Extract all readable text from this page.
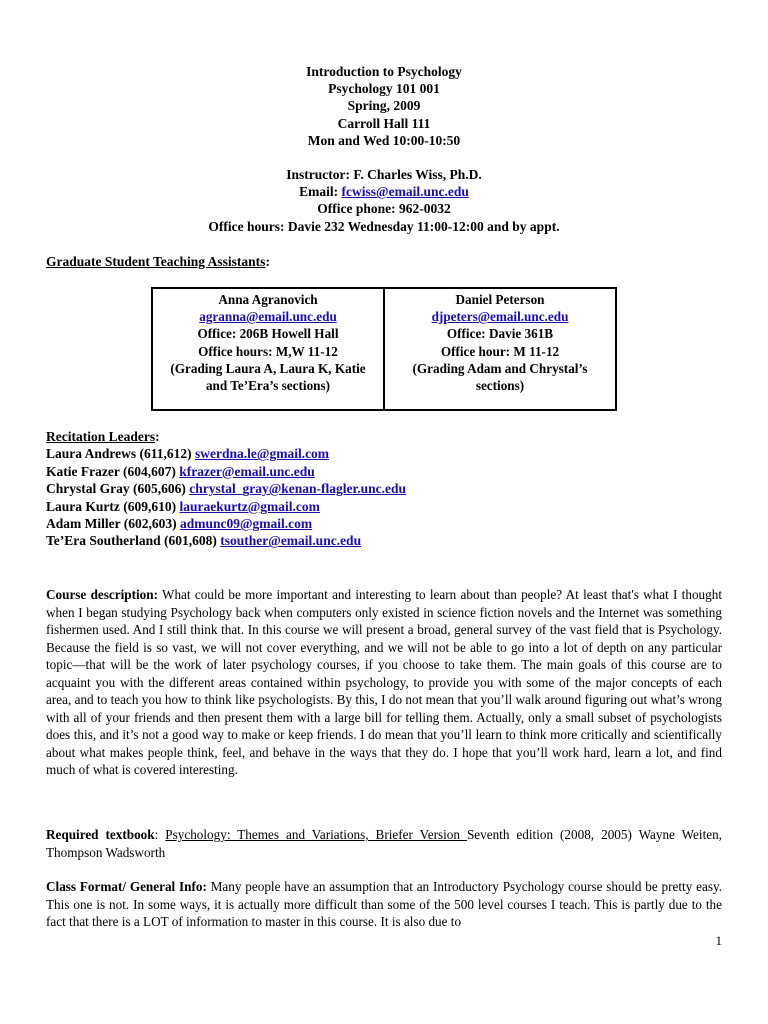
Introduction to Psychology
Psychology 101 001
Spring, 2009
Carroll Hall 111
Mon and Wed 10:00-10:50
Instructor: F. Charles Wiss, Ph.D.
Email: fcwiss@email.unc.edu
Office phone: 962-0032
Office hours: Davie 232 Wednesday 11:00-12:00 and by appt.
Graduate Student Teaching Assistants:
Anna Agranovich
agranna@email.unc.edu
Office: 206B Howell Hall
Office hours: M,W 11-12
(Grading Laura A, Laura K, Katie and Te’Era’s sections)
Daniel Peterson
djpeters@email.unc.edu
Office: Davie 361B
Office hour: M 11-12
(Grading Adam and Chrystal’s sections)
Recitation Leaders:
Laura Andrews (611,612) swerdna.le@gmail.com
Katie Frazer (604,607) kfrazer@email.unc.edu
Chrystal Gray (605,606) chrystal_gray@kenan-flagler.unc.edu
Laura Kurtz (609,610) lauraekurtz@gmail.com
Adam Miller (602,603) admunc09@gmail.com
Te’Era Southerland (601,608) tsouther@email.unc.edu
Course description: What could be more important and interesting to learn about than people? At least that's what I thought when I began studying Psychology back when computers only existed in science fiction novels and the Internet was something fishermen used. And I still think that. In this course we will present a broad, general survey of the vast field that is Psychology. Because the field is so vast, we will not cover everything, and we will not be able to go into a lot of depth on any particular topic—that will be the work of later psychology courses, if you choose to take them. The main goals of this course are to acquaint you with the different areas contained within psychology, to provide you with some of the major concepts of each area, and to teach you how to think like psychologists. By this, I do not mean that you’ll walk around figuring out what’s wrong with all of your friends and then present them with a large bill for telling them. Actually, only a small subset of psychologists does this, and it’s not a good way to make or keep friends. I do mean that you’ll learn to think more critically and scientifically about what makes people think, feel, and behave in the ways that they do. I hope that you’ll work hard, learn a lot, and find much of what is covered interesting.
Required textbook: Psychology: Themes and Variations, Briefer Version Seventh edition (2008, 2005) Wayne Weiten, Thompson Wadsworth
Class Format/ General Info: Many people have an assumption that an Introductory Psychology course should be pretty easy. This one is not. In some ways, it is actually more difficult than some of the 500 level courses I teach. This is partly due to the fact that there is a LOT of information to master in this course. It is also due to
1
